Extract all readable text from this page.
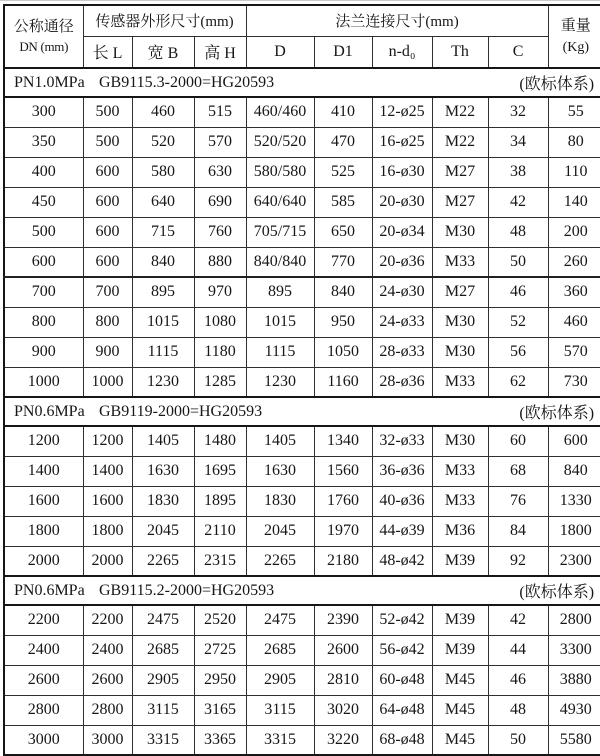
公称通径
DN (mm)
	传感器外形尺寸(mm)	法兰连接尺寸(mm)	重量
(Kg)

	长 L	宽 B	高 H	D	D1	n-d₀	Th	C	

PN1.0MPa GB9115.3-2000=HG20593 (欧标体系)									

300	500	460	515	460/460	410	12-ø25	M22	32	55
350	500	520	570	520/520	470	16-ø25	M22	34	80
400	600	580	630	580/580	525	16-ø30	M27	38	110
450	600	640	690	640/640	585	20-ø30	M27	42	140
500	600	715	760	705/715	650	20-ø34	M30	48	200
600	600	840	880	840/840	770	20-ø36	M33	50	260
700	700	895	970	895	840	24-ø30	M27	46	360
800	800	1015	1080	1015	950	24-ø33	M30	52	460
900	900	1115	1180	1115	1050	28-ø33	M30	56	570
1000	1000	1230	1285	1230	1160	28-ø36	M33	62	730

PN0.6MPa GB9119-2000=HG20593 (欧标体系)									

1200	1200	1405	1480	1405	1340	32-ø33	M30	60	600
1400	1400	1630	1695	1630	1560	36-ø36	M33	68	840
1600	1600	1830	1895	1830	1760	40-ø36	M33	76	1330
1800	1800	2045	2110	2045	1970	44-ø39	M36	84	1800
2000	2000	2265	2315	2265	2180	48-ø42	M39	92	2300

PN0.6MPa GB9115.2-2000=HG20593 (欧标体系)									

2200	2200	2475	2520	2475	2390	52-ø42	M39	42	2800
2400	2400	2685	2725	2685	2600	56-ø42	M39	44	3300
2600	2600	2905	2950	2905	2810	60-ø48	M45	46	3880
2800	2800	3115	3165	3115	3020	64-ø48	M45	48	4930
3000	3000	3315	3365	3315	3220	68-ø48	M45	50	5580
